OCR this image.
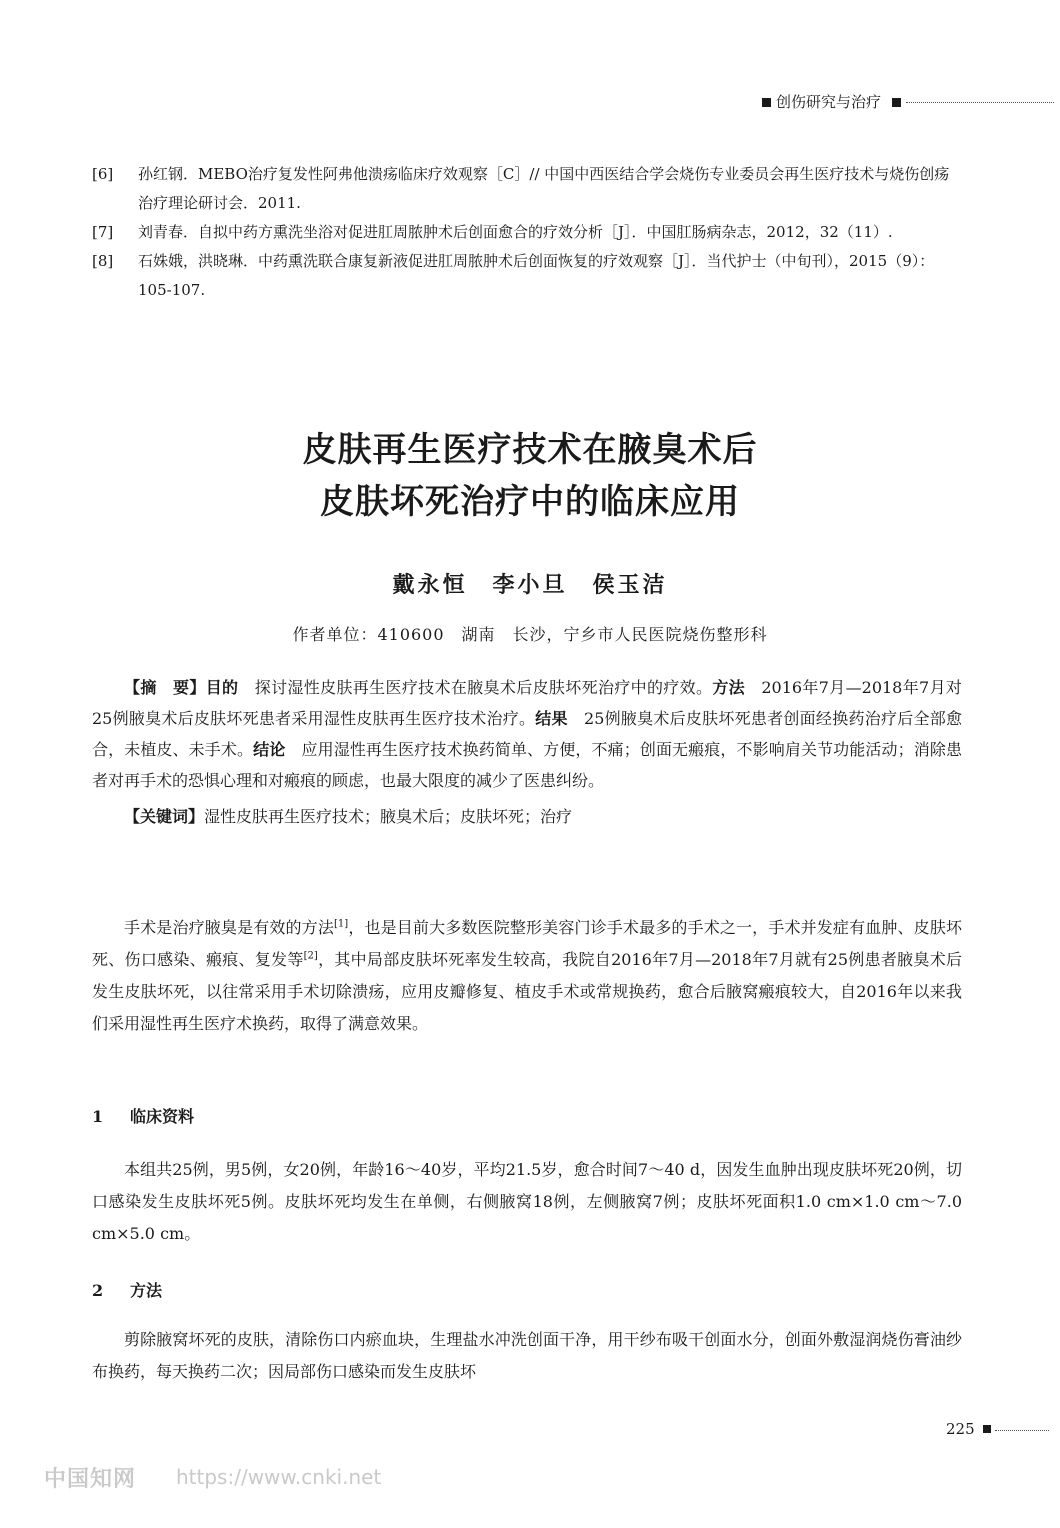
创伤研究与治疗
[6]	孙红钢．MEBO治疗复发性阿弗他溃疡临床疗效观察［C］// 中国中西医结合学会烧伤专业委员会再生医疗技术与烧伤创疡治疗理论研讨会．2011.
[7]	刘青春．自拟中药方熏洗坐浴对促进肛周脓肿术后创面愈合的疗效分析［J］．中国肛肠病杂志，2012，32（11）.
[8]	石姝娥，洪晓琳．中药熏洗联合康复新液促进肛周脓肿术后创面恢复的疗效观察［J］．当代护士（中旬刊），2015（9）：105-107.
皮肤再生医疗技术在腋臭术后
皮肤坏死治疗中的临床应用
戴永恒　李小旦　侯玉洁
作者单位：410600　湖南　长沙，宁乡市人民医院烧伤整形科

【摘　要】目的　 探讨湿性皮肤再生医疗技术在腋臭术后皮肤坏死治疗中的疗效。方法　 2016年7月—2018年7月对25例腋臭术后皮肤坏死患者采用湿性皮肤再生医疗技术治疗。结果　 25例腋臭术后皮肤坏死患者创面经换药治疗后全部愈合，未植皮、未手术。结论　 应用湿性再生医疗技术换药简单、方便，不痛；创面无瘢痕，不影响肩关节功能活动；消除患者对再手术的恐惧心理和对瘢痕的顾虑，也最大限度的减少了医患纠纷。

【关键词】湿性皮肤再生医疗技术；腋臭术后；皮肤坏死；治疗

手术是治疗腋臭是有效的方法[1]，也是目前大多数医院整形美容门诊手术最多的手术之一，手术并发症有血肿、皮肤坏死、伤口感染、瘢痕、复发等[2]，其中局部皮肤坏死率发生较高，我院自2016年7月—2018年7月就有25例患者腋臭术后发生皮肤坏死，以往常采用手术切除溃疡，应用皮瓣修复、植皮手术或常规换药，愈合后腋窝瘢痕较大，自2016年以来我们采用湿性再生医疗术换药，取得了满意效果。

1 临床资料

本组共25例，男5例，女20例，年龄16～40岁，平均21.5岁，愈合时间7～40 d，因发生血肿出现皮肤坏死20例，切口感染发生皮肤坏死5例。皮肤坏死均发生在单侧，右侧腋窝18例，左侧腋窝7例；皮肤坏死面积1.0 cm×1.0 cm～7.0 cm×5.0 cm。

2 方法

剪除腋窝坏死的皮肤，清除伤口内瘀血块，生理盐水冲洗创面干净，用干纱布吸干创面水分，创面外敷湿润烧伤膏油纱布换药，每天换药二次；因局部伤口感染而发生皮肤坏

225
中国知网 https://www.cnki.net
